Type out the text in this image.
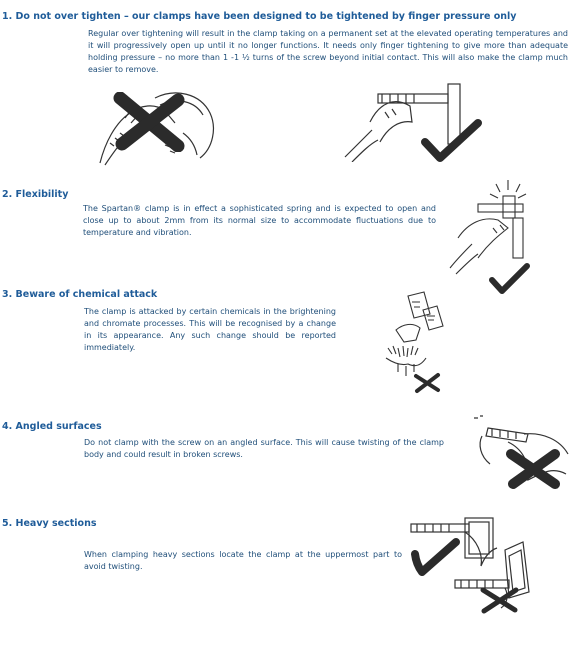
1. Do not over tighten – our clamps have been designed to be tightened by finger pressure only

Regular over tightening will result in the clamp taking on a permanent set at the elevated operating temperatures and it will progressively open up until it no longer functions. It needs only finger tightening to give more than adequate holding pressure – no more than 1 -1 ½ turns of the screw beyond initial contact. This will also make the clamp much easier to remove.

2. Flexibility

The Spartan® clamp is in effect a sophisticated spring and is expected to open and close up to about 2mm from its normal size to accommodate fluctuations due to temperature and vibration.

3. Beware of chemical attack

The clamp is attacked by certain chemicals in the brightening and chromate processes. This will be recognised by a change in its appearance. Any such change should be reported immediately.

4. Angled surfaces

Do not clamp with the screw on an angled surface. This will cause twisting of the clamp body and could result in broken screws.

5. Heavy sections

When clamping heavy sections locate the clamp at the uppermost part to avoid twisting.
